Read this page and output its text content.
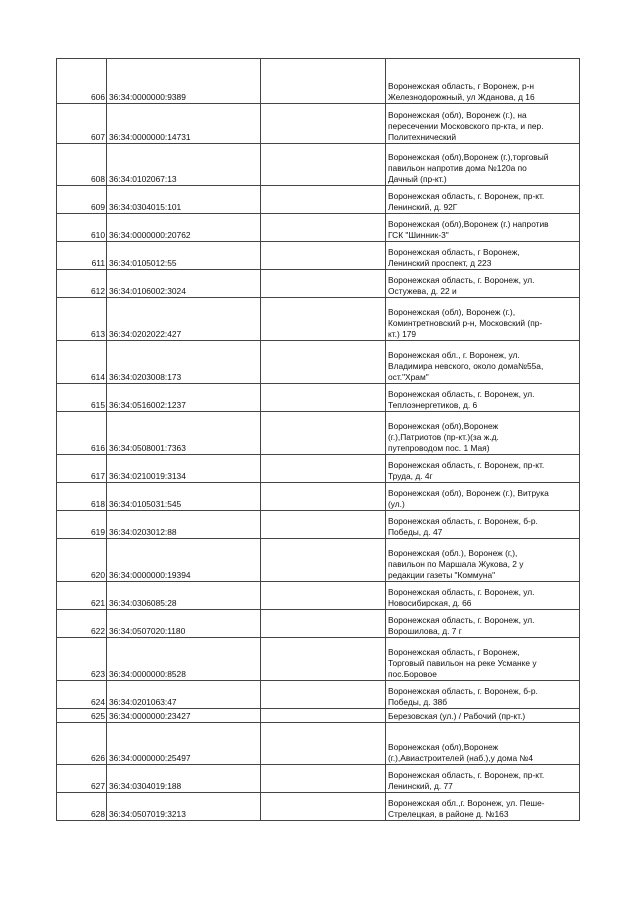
606	36:34:0000000:9389		Воронежская область, г Воронеж, р-н
Железнодорожный, ул Жданова, д 16
607	36:34:0000000:14731		Воронежская (обл), Воронеж (г.), на
пересечении Московского пр-кта, и пер.
Политехнический
608	36:34:0102067:13		Воронежская (обл),Воронеж (г.),торговый
павильон напротив дома №120а по
Дачный (пр-кт.)
609	36:34:0304015:101		Воронежская область, г. Воронеж, пр-кт.
Ленинский, д. 92Г
610	36:34:0000000:20762		Воронежская (обл),Воронеж (г.) напротив
ГСК "Шинник-3"
611	36:34:0105012:55		Воронежская область, г Воронеж,
Ленинский проспект, д 223
612	36:34:0106002:3024		Воронежская область, г. Воронеж, ул.
Остужева, д. 22 и
613	36:34:0202022:427		Воронежская (обл), Воронеж (г.),
Коминтретновский р-н, Московский (пр-
кт.) 179
614	36:34:0203008:173		Воронежская обл., г. Воронеж, ул.
Владимира невского, около дома№55а,
ост."Храм"
615	36:34:0516002:1237		Воронежская область, г. Воронеж, ул.
Теплоэнергетиков, д. 6
616	36:34:0508001:7363		Воронежская (обл),Воронеж
(г.),Патриотов (пр-кт.)(за ж.д.
путепроводом пос. 1 Мая)
617	36:34:0210019:3134		Воронежская область, г. Воронеж, пр-кт.
Труда, д. 4г
618	36:34:0105031:545		Воронежская (обл), Воронеж (г.), Витрука
(ул.)
619	36:34:0203012:88		Воронежская область, г. Воронеж, б-р.
Победы, д. 47
620	36:34:0000000:19394		Воронежская (обл.), Воронеж (г,),
павильон по Маршала Жукова, 2 у
редакции газеты "Коммуна"
621	36:34:0306085:28		Воронежская область, г. Воронеж, ул.
Новосибирская, д. 66
622	36:34:0507020:1180		Воронежская область, г. Воронеж, ул.
Ворошилова, д. 7 г
623	36:34:0000000:8528		Воронежская область, г Воронеж,
Торговый павильон на реке Усманке у
пос.Боровое
624	36:34:0201063:47		Воронежская область, г. Воронеж, б-р.
Победы, д. 38б
625	36:34:0000000:23427		Березовская (ул.) / Рабочий (пр-кт.)
626	36:34:0000000:25497		Воронежская (обл),Воронеж
(г.),Авиастроителей (наб.),у дома №4
627	36:34:0304019:188		Воронежская область, г. Воронеж, пр-кт.
Ленинский, д. 77
628	36:34:0507019:3213		Воронежская обл.,г. Воронеж, ул. Пеше-
Стрелецкая, в районе д. №163
